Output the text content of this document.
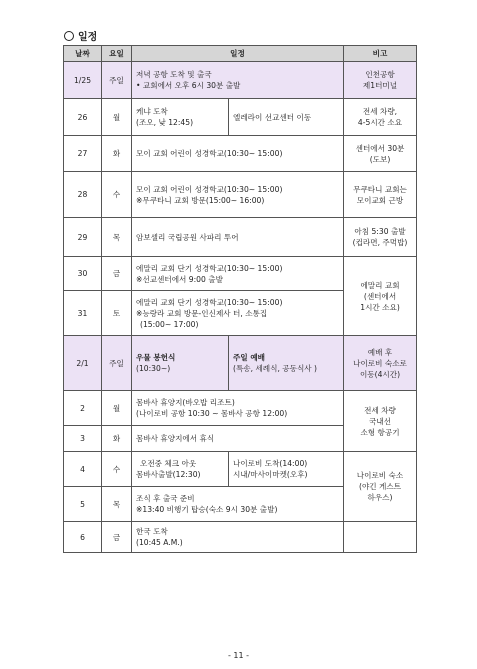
일정
날짜	요일	일정		비고
1/25	주일	저녁 공항 도착 및 출국
• 교회에서 오후 6시 30분 출발		인천공항
제1터미널

26	월	케냐 도착
(조오, 낮 12:45)	엘레라이 선교센터 이동	전세 차량,
4-5시간 소요

27	화	모이 교회 어린이 성경학교(10:30~ 15:00)		센터에서 30분
(도보)

28	수	모이 교회 어린이 성경학교(10:30~ 15:00)
※무쿠타니 교회 방문(15:00~ 16:00)		무쿠타니 교회는
모이교회 근방

29	목	암보셀리 국립공원 사파리 투어		아침 5:30 출발
(컵라면, 주먹밥)

30	금	에말리 교회 단기 성경학교(10:30~ 15:00)
※선교센터에서 9:00 출발		에말리 교회
(센터에서
1시간 소요)

31	토	에말리 교회 단기 성경학교(10:30~ 15:00)
※능랑라 교회 방문-인신제사 터, 소통집
(15:00~ 17:00)		

2/1	주일	우물 봉헌식
(10:30~)	주일 예배
(특송, 세례식, 공동식사 )	예배 후
나이로비 숙소로
이동(4시간)

2	월	몸바사 휴양지(바오밥 리조트)
(나이로비 공항 10:30 ~ 몸바사 공항 12:00)		전세 차량
국내선
소형 항공기

3	화	몸바사 휴양지에서 휴식		
4	수	오전중 체크 아웃
몸바사출발(12:30)	나이로비 도착(14:00)
시내/마사이마켓(오후)	나이로비 숙소
(야긴 게스트
하우스)

5	목	조식 후 출국 준비
※13:40 비행기 탑승(숙소 9시 30분 출발)		

6	금	한국 도착
(10:45 A.M.)		

- 11 -
